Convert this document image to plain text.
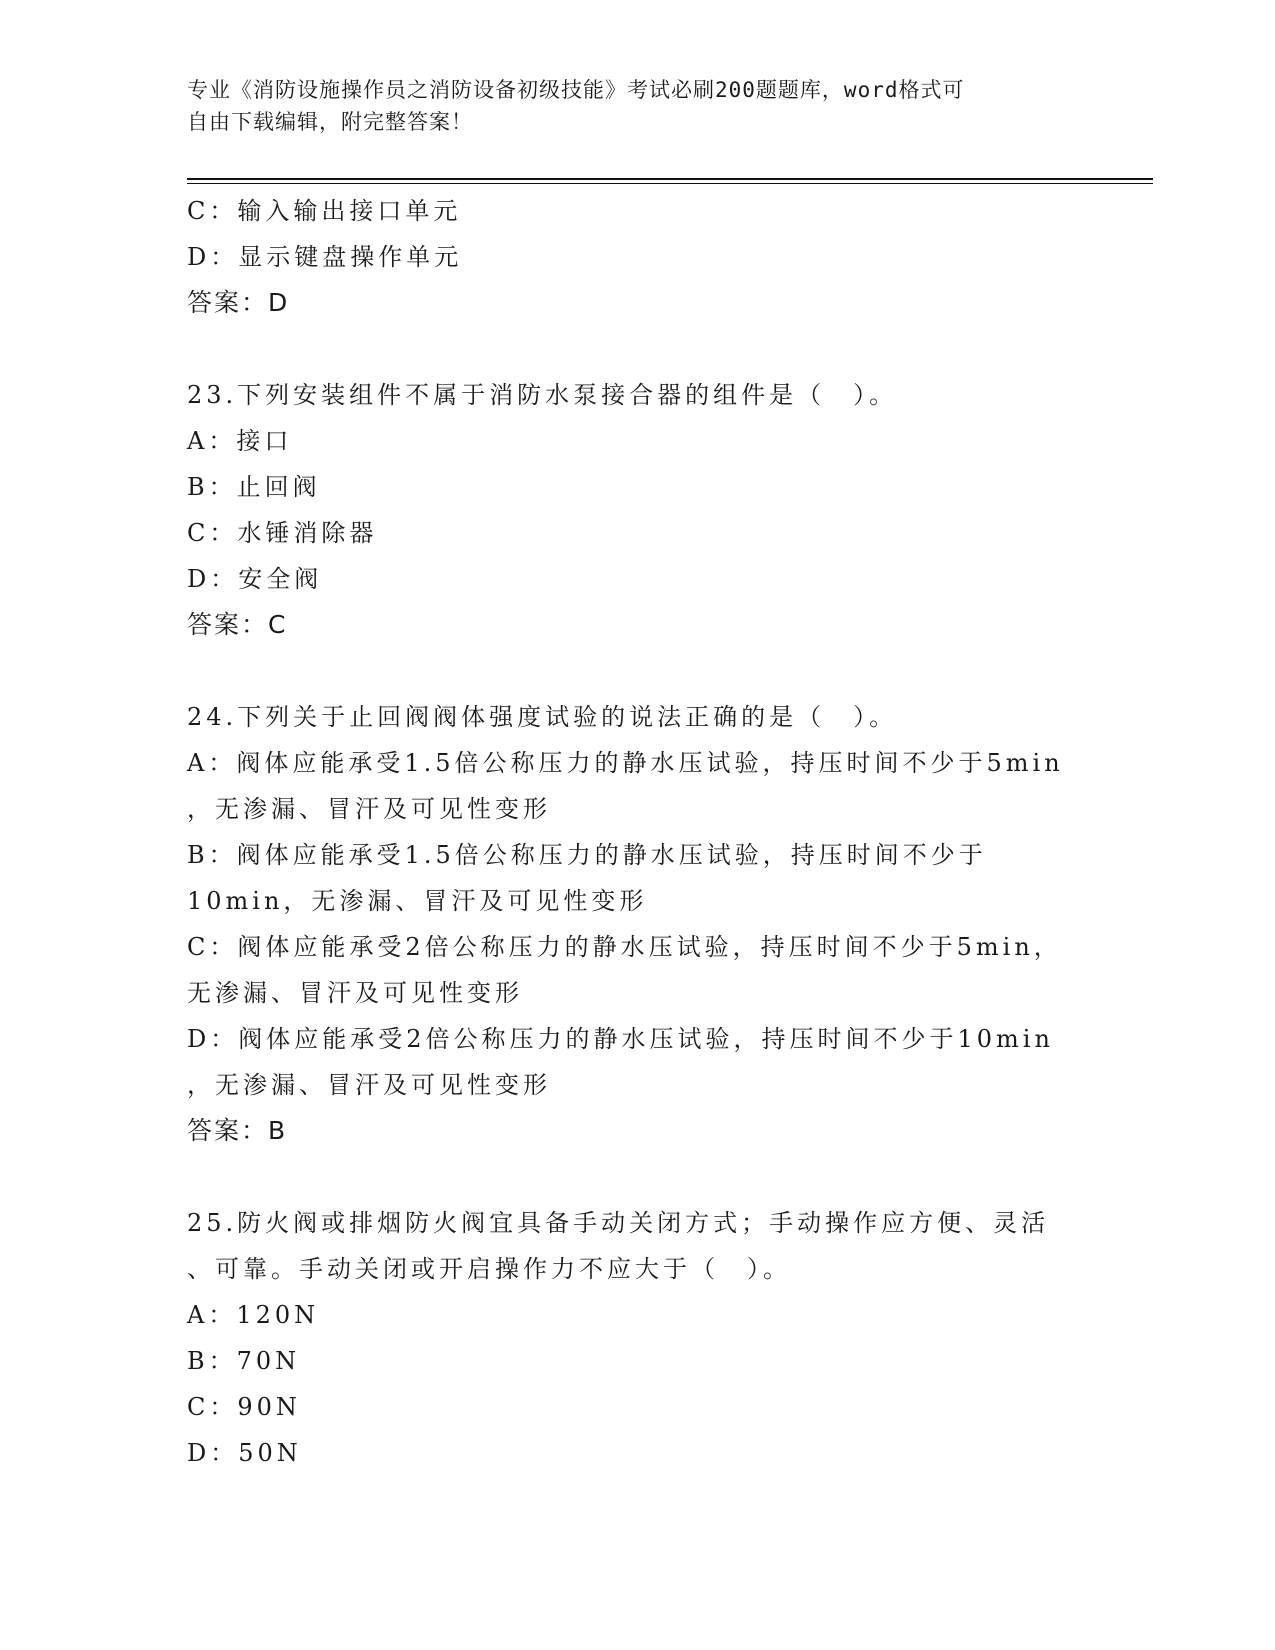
专业《消防设施操作员之消防设备初级技能》考试必刷200题题库，word格式可
自由下载编辑，附完整答案！
C：输入输出接口单元
D：显示键盘操作单元
答案：D
23.下列安装组件不属于消防水泵接合器的组件是（　）。
A：接口
B：止回阀
C：水锤消除器
D：安全阀
答案：C
24.下列关于止回阀阀体强度试验的说法正确的是（　）。
A：阀体应能承受1.5倍公称压力的静水压试验，持压时间不少于5min
，无渗漏、冒汗及可见性变形
B：阀体应能承受1.5倍公称压力的静水压试验，持压时间不少于
10min，无渗漏、冒汗及可见性变形
C：阀体应能承受2倍公称压力的静水压试验，持压时间不少于5min，
无渗漏、冒汗及可见性变形
D：阀体应能承受2倍公称压力的静水压试验，持压时间不少于10min
，无渗漏、冒汗及可见性变形
答案：B
25.防火阀或排烟防火阀宜具备手动关闭方式；手动操作应方便、灵活
、可靠。手动关闭或开启操作力不应大于（　）。
A：120N
B：70N
C：90N
D：50N
